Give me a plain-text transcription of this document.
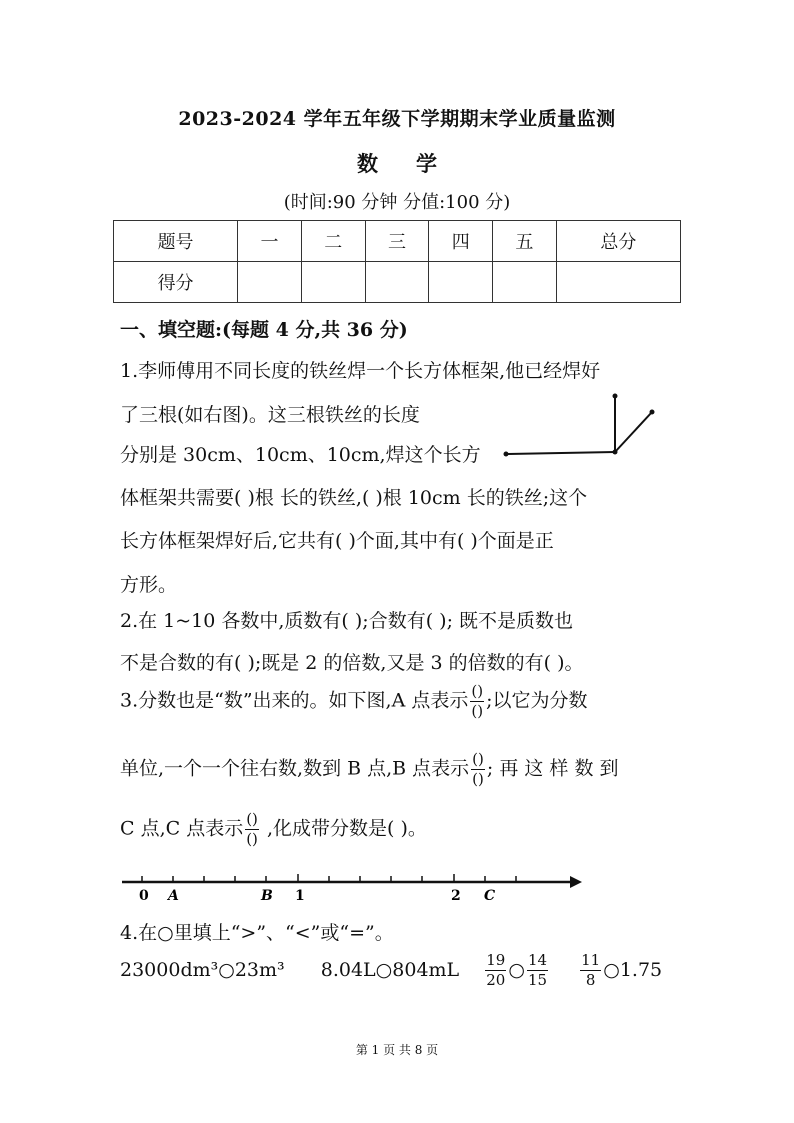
2023-2024 学年五年级下学期期末学业质量监测
数学
(时间:90 分钟 分值:100 分)
题号	一	二	三	四	五	总分
得分						
一、填空题:(每题 4 分,共 36 分)
1.李师傅用不同长度的铁丝焊一个长方体框架,他已经焊好
了三根(如右图)。这三根铁丝的长度
分别是 30cm、10cm、10cm,焊这个长方
体框架共需要( )根 长的铁丝,( )根 10cm 长的铁丝;这个
长方体框架焊好后,它共有( )个面,其中有( )个面是正
方形。
2.在 1~10 各数中,质数有( );合数有( ); 既不是质数也
不是合数的有( );既是 2 的倍数,又是 3 的倍数的有( )。
3.分数也是“数”出来的。如下图,A 点表示 $\frac{()}{()}$ ;以它为分数
单位,一个一个往右数,数到 B 点,B 点表示 $\frac{()}{()}$ ; 再 这 样 数 到
C 点,C 点表示 $\frac{()}{()}$ ,化成带分数是( )。
0 A	B 1	2 C
4.在○里填上“>”、“<”或“=”。
23000dm³○23m³ 8.04L○804mL $\frac{19}{20}$ ○ $\frac{14}{15}$
$\frac{11}{8}$ ○1.75
第 1 页 共 8 页
